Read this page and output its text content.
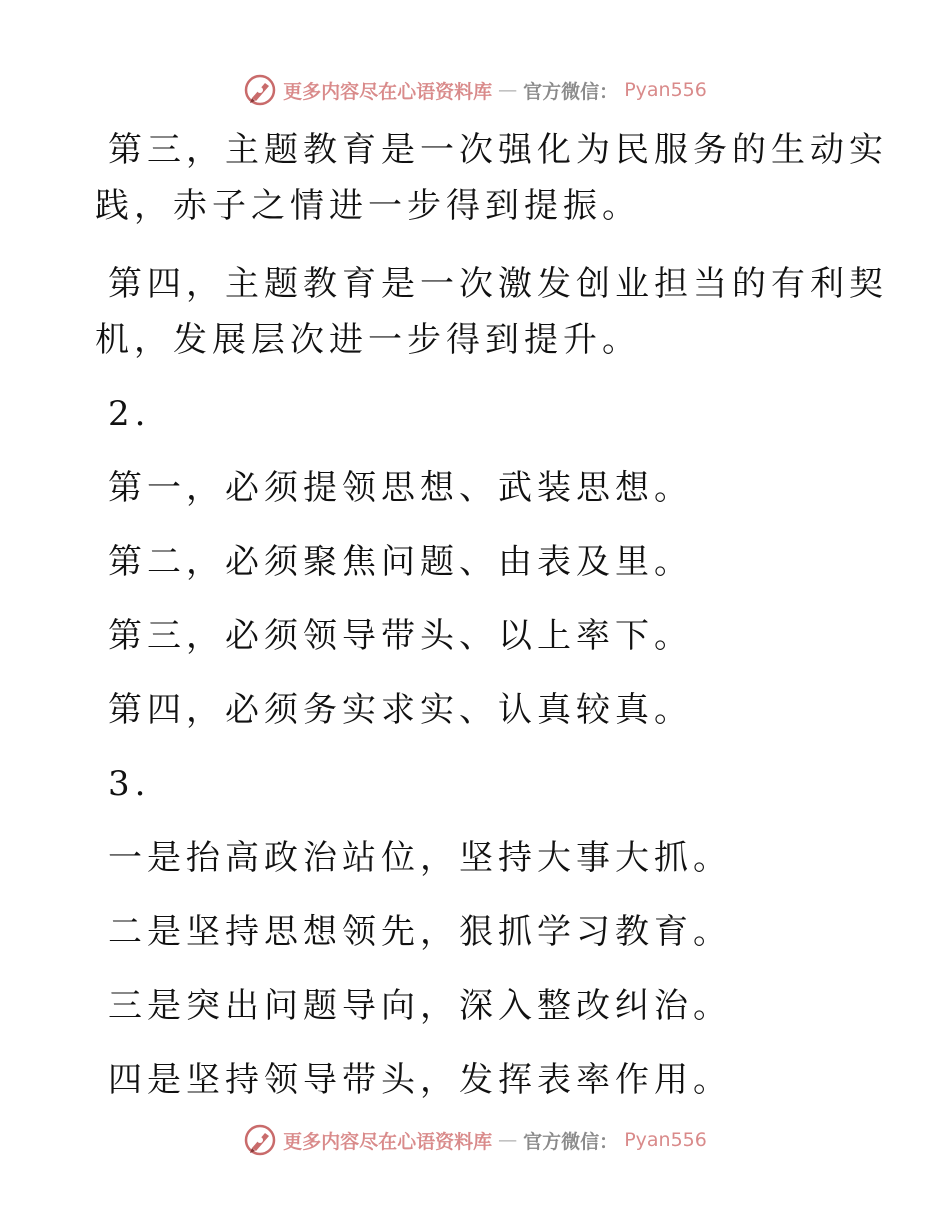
更多内容尽在心语资料库 — 官方微信： Pyan556
第三，主题教育是一次强化为民服务的生动实
践，赤子之情进一步得到提振。
第四，主题教育是一次激发创业担当的有利契
机，发展层次进一步得到提升。
2.
第一，必须提领思想、武装思想。
第二，必须聚焦问题、由表及里。
第三，必须领导带头、以上率下。
第四，必须务实求实、认真较真。
3.
一是抬高政治站位，坚持大事大抓。
二是坚持思想领先，狠抓学习教育。
三是突出问题导向，深入整改纠治。
四是坚持领导带头，发挥表率作用。
更多内容尽在心语资料库 — 官方微信： Pyan556
